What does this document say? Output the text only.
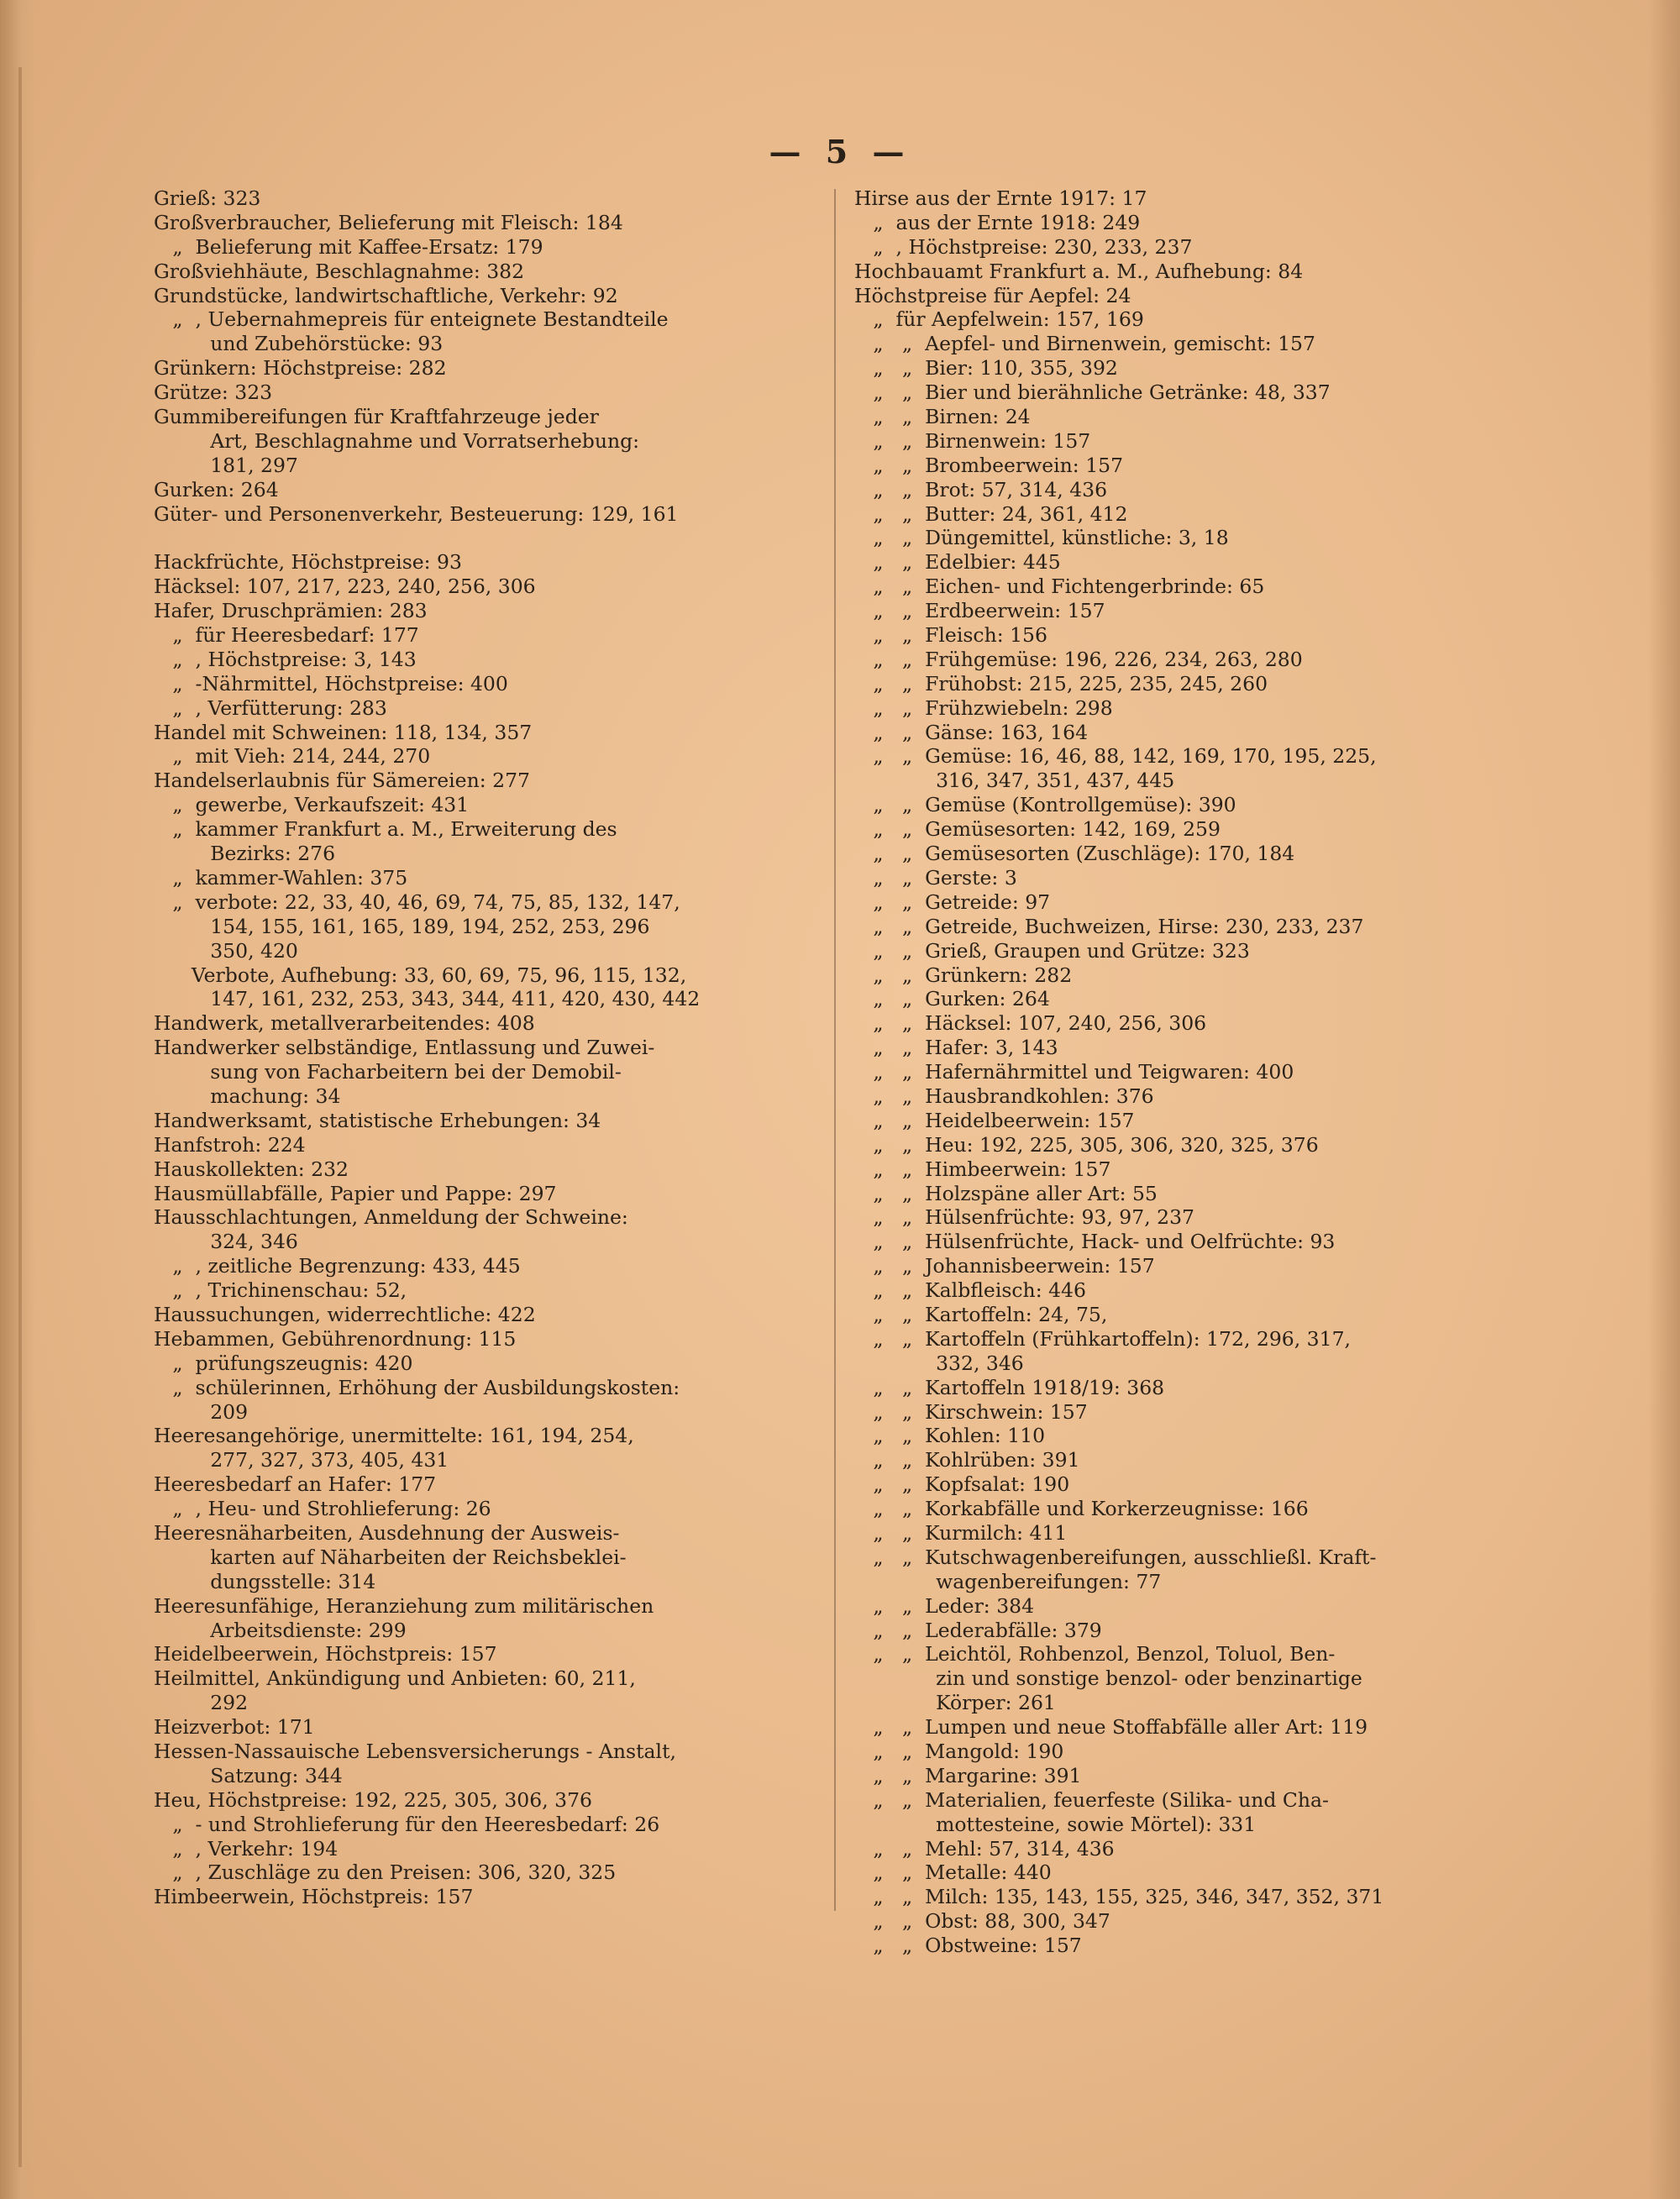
— 5 —
Grieß: 323
Großverbraucher, Belieferung mit Fleisch: 184
„  Belieferung mit Kaffee-Ersatz: 179
Großviehhäute, Beschlagnahme: 382
Grundstücke, landwirtschaftliche, Verkehr: 92
„  , Uebernahmepreis für enteignete Bestandteile
und Zubehörstücke: 93
Grünkern: Höchstpreise: 282
Grütze: 323
Gummibereifungen für Kraftfahrzeuge jeder
Art, Beschlagnahme und Vorratserhebung:
181, 297
Gurken: 264
Güter- und Personenverkehr, Besteuerung: 129, 161
Hackfrüchte, Höchstpreise: 93
Häcksel: 107, 217, 223, 240, 256, 306
Hafer, Druschprämien: 283
„  für Heeresbedarf: 177
„  , Höchstpreise: 3, 143
„  -Nährmittel, Höchstpreise: 400
„  , Verfütterung: 283
Handel mit Schweinen: 118, 134, 357
„  mit Vieh: 214, 244, 270
Handelserlaubnis für Sämereien: 277
„  gewerbe, Verkaufszeit: 431
„  kammer Frankfurt a. M., Erweiterung des
Bezirks: 276
„  kammer-Wahlen: 375
„  verbote: 22, 33, 40, 46, 69, 74, 75, 85, 132, 147,
154, 155, 161, 165, 189, 194, 252, 253, 296
350, 420
Verbote, Aufhebung: 33, 60, 69, 75, 96, 115, 132,
147, 161, 232, 253, 343, 344, 411, 420, 430, 442
Handwerk, metallverarbeitendes: 408
Handwerker selbständige, Entlassung und Zuwei-
sung von Facharbeitern bei der Demobil-
machung: 34
Handwerksamt, statistische Erhebungen: 34
Hanfstroh: 224
Hauskollekten: 232
Hausmüllabfälle, Papier und Pappe: 297
Hausschlachtungen, Anmeldung der Schweine:
324, 346
„  , zeitliche Begrenzung: 433, 445
„  , Trichinenschau: 52,
Haussuchungen, widerrechtliche: 422
Hebammen, Gebührenordnung: 115
„  prüfungszeugnis: 420
„  schülerinnen, Erhöhung der Ausbildungskosten:
209
Heeresangehörige, unermittelte: 161, 194, 254,
277, 327, 373, 405, 431
Heeresbedarf an Hafer: 177
„  , Heu- und Strohlieferung: 26
Heeresnäharbeiten, Ausdehnung der Ausweis-
karten auf Näharbeiten der Reichsbeklei-
dungsstelle: 314
Heeresunfähige, Heranziehung zum militärischen
Arbeitsdienste: 299
Heidelbeerwein, Höchstpreis: 157
Heilmittel, Ankündigung und Anbieten: 60, 211,
292
Heizverbot: 171
Hessen-Nassauische Lebensversicherungs - Anstalt,
Satzung: 344
Heu, Höchstpreise: 192, 225, 305, 306, 376
„  - und Strohlieferung für den Heeresbedarf: 26
„  , Verkehr: 194
„  , Zuschläge zu den Preisen: 306, 320, 325
Himbeerwein, Höchstpreis: 157
Hirse aus der Ernte 1917: 17
„  aus der Ernte 1918: 249
„  , Höchstpreise: 230, 233, 237
Hochbauamt Frankfurt a. M., Aufhebung: 84
Höchstpreise für Aepfel: 24
„  für Aepfelwein: 157, 169
„   „  Aepfel- und Birnenwein, gemischt: 157
„   „  Bier: 110, 355, 392
„   „  Bier und bierähnliche Getränke: 48, 337
„   „  Birnen: 24
„   „  Birnenwein: 157
„   „  Brombeerwein: 157
„   „  Brot: 57, 314, 436
„   „  Butter: 24, 361, 412
„   „  Düngemittel, künstliche: 3, 18
„   „  Edelbier: 445
„   „  Eichen- und Fichtengerbrinde: 65
„   „  Erdbeerwein: 157
„   „  Fleisch: 156
„   „  Frühgemüse: 196, 226, 234, 263, 280
„   „  Frühobst: 215, 225, 235, 245, 260
„   „  Frühzwiebeln: 298
„   „  Gänse: 163, 164
„   „  Gemüse: 16, 46, 88, 142, 169, 170, 195, 225,
316, 347, 351, 437, 445
„   „  Gemüse (Kontrollgemüse): 390
„   „  Gemüsesorten: 142, 169, 259
„   „  Gemüsesorten (Zuschläge): 170, 184
„   „  Gerste: 3
„   „  Getreide: 97
„   „  Getreide, Buchweizen, Hirse: 230, 233, 237
„   „  Grieß, Graupen und Grütze: 323
„   „  Grünkern: 282
„   „  Gurken: 264
„   „  Häcksel: 107, 240, 256, 306
„   „  Hafer: 3, 143
„   „  Hafernährmittel und Teigwaren: 400
„   „  Hausbrandkohlen: 376
„   „  Heidelbeerwein: 157
„   „  Heu: 192, 225, 305, 306, 320, 325, 376
„   „  Himbeerwein: 157
„   „  Holzspäne aller Art: 55
„   „  Hülsenfrüchte: 93, 97, 237
„   „  Hülsenfrüchte, Hack- und Oelfrüchte: 93
„   „  Johannisbeerwein: 157
„   „  Kalbfleisch: 446
„   „  Kartoffeln: 24, 75,
„   „  Kartoffeln (Frühkartoffeln): 172, 296, 317,
332, 346
„   „  Kartoffeln 1918/19: 368
„   „  Kirschwein: 157
„   „  Kohlen: 110
„   „  Kohlrüben: 391
„   „  Kopfsalat: 190
„   „  Korkabfälle und Korkerzeugnisse: 166
„   „  Kurmilch: 411
„   „  Kutschwagenbereifungen, ausschließl. Kraft-
wagenbereifungen: 77
„   „  Leder: 384
„   „  Lederabfälle: 379
„   „  Leichtöl, Rohbenzol, Benzol, Toluol, Ben-
zin und sonstige benzol- oder benzinartige
Körper: 261
„   „  Lumpen und neue Stoffabfälle aller Art: 119
„   „  Mangold: 190
„   „  Margarine: 391
„   „  Materialien, feuerfeste (Silika- und Cha-
mottesteine, sowie Mörtel): 331
„   „  Mehl: 57, 314, 436
„   „  Metalle: 440
„   „  Milch: 135, 143, 155, 325, 346, 347, 352, 371
„   „  Obst: 88, 300, 347
„   „  Obstweine: 157
